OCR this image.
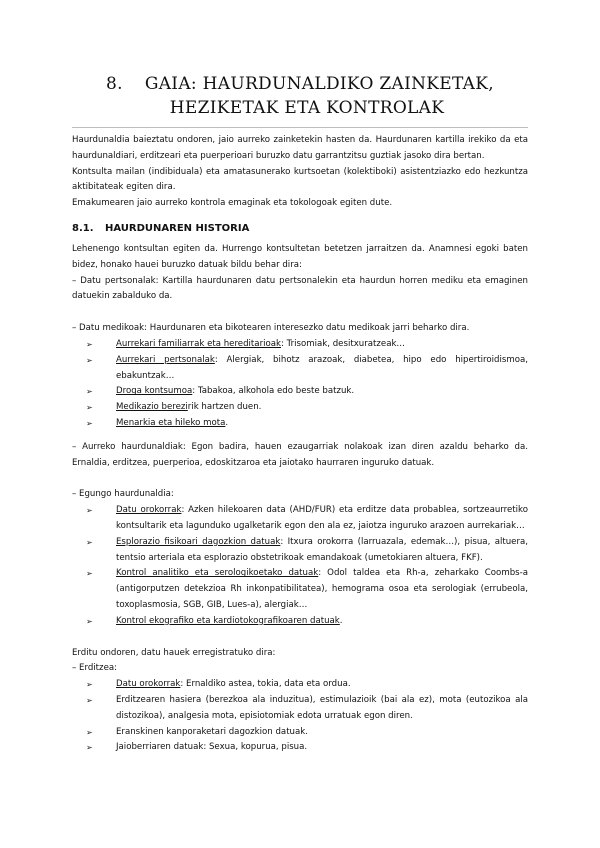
8. GAIA: HAURDUNALDIKO ZAINKETAK,
HEZIKETAK ETA KONTROLAK

Haurdunaldia baieztatu ondoren, jaio aurreko zainketekin hasten da. Haurdunaren kartilla irekiko da eta haurdunaldiari, erditzeari eta puerperioari buruzko datu garrantzitsu guztiak jasoko dira bertan.

Kontsulta mailan (indibiduala) eta amatasunerako kurtsoetan (kolektiboki) asistentziazko edo hezkuntza aktibitateak egiten dira.

Emakumearen jaio aurreko kontrola emaginak eta tokologoak egiten dute.

8.1. HAURDUNAREN HISTORIA

Lehenengo kontsultan egiten da. Hurrengo kontsultetan betetzen jarraitzen da. Anamnesi egoki baten bidez, honako hauei buruzko datuak bildu behar dira:

– Datu pertsonalak: Kartilla haurdunaren datu pertsonalekin eta haurdun horren mediku eta emaginen datuekin zabalduko da.

– Datu medikoak: Haurdunaren eta bikotearen interesezko datu medikoak jarri beharko dira.

➢	Aurrekari familiarrak eta hereditarioak: Trisomiak, desitxuratzeak…
➢	Aurrekari pertsonalak: Alergiak, bihotz arazoak, diabetea, hipo edo hipertiroidismoa, ebakuntzak…
➢	Droga kontsumoa: Tabakoa, alkohola edo beste batzuk.
➢	Medikazio berezirik hartzen duen.
➢	Menarkia eta hileko mota.

– Aurreko haurdunaldiak: Egon badira, hauen ezaugarriak nolakoak izan diren azaldu beharko da. Ernaldia, erditzea, puerperioa, edoskitzaroa eta jaiotako haurraren inguruko datuak.

– Egungo haurdunaldia:

➢	Datu orokorrak: Azken hilekoaren data (AHD/FUR) eta erditze data probablea, sortzeaurretiko kontsultarik eta lagunduko ugalketarik egon den ala ez, jaiotza inguruko arazoen aurrekariak…
➢	Esplorazio fisikoari dagozkion datuak: Itxura orokorra (larruazala, edemak…), pisua, altuera, tentsio arteriala eta esplorazio obstetrikoak emandakoak (umetokiaren altuera, FKF).
➢	Kontrol analitiko eta serologikoetako datuak: Odol taldea eta Rh-a, zeharkako Coombs-a (antigorputzen detekzioa Rh inkonpatibilitatea), hemograma osoa eta serologiak (errubeola, toxoplasmosia, SGB, GIB, Lues-a), alergiak…
➢	Kontrol ekografiko eta kardiotokografikoaren datuak.

Erditu ondoren, datu hauek erregistratuko dira:

– Erditzea:

➢	Datu orokorrak: Ernaldiko astea, tokia, data eta ordua.
➢	Erditzearen hasiera (berezkoa ala induzitua), estimulazioik (bai ala ez), mota (eutozikoa ala distozikoa), analgesia mota, episiotomiak edota urratuak egon diren.
➢	Eranskinen kanporaketari dagozkion datuak.
➢	Jaioberriaren datuak: Sexua, kopurua, pisua.
